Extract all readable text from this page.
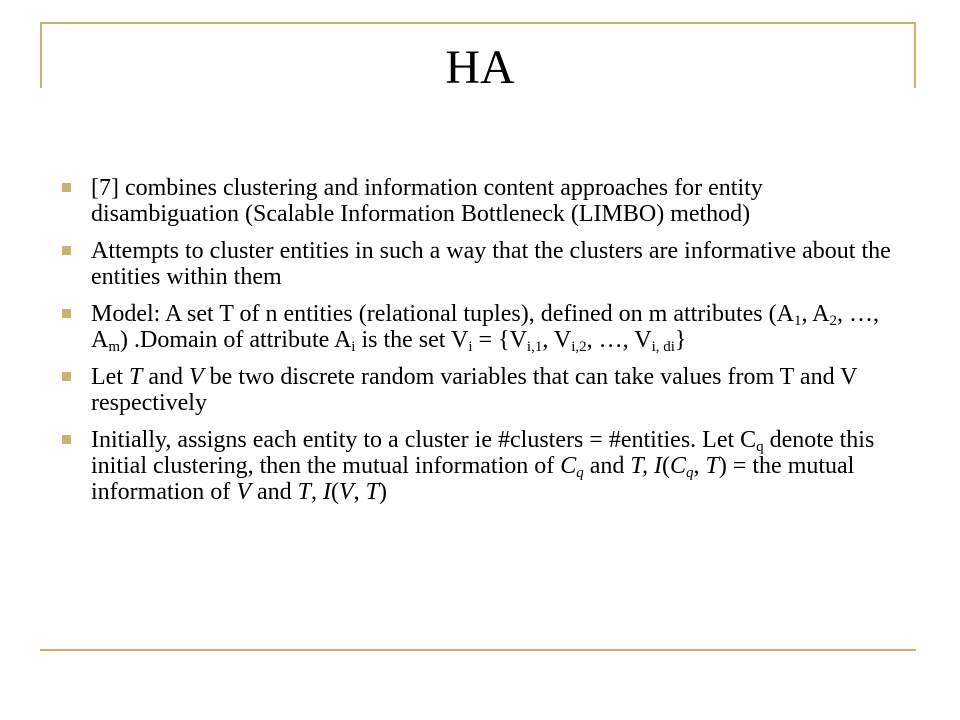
HA
[7] combines clustering and information content approaches for entity disambiguation (Scalable Information Bottleneck (LIMBO) method)
Attempts to cluster entities in such a way that the clusters are informative about the entities within them
Model: A set T of n entities (relational tuples), defined on m attributes ($A_1$, $A_2$, …, $A_m$) .Domain of attribute $A_i$ is the set $V_i = \{V_{i,1}$, $V_{i,2}$, …, $V_{i, di}$}
Let T and V be two discrete random variables that can take values from T and V respectively
Initially, assigns each entity to a cluster ie #clusters = #entities. Let $C_q$ denote this initial clustering, then the mutual information of $C_q$ and T, $I(C_q$, T) = the mutual information of V and T, I(V, T)
